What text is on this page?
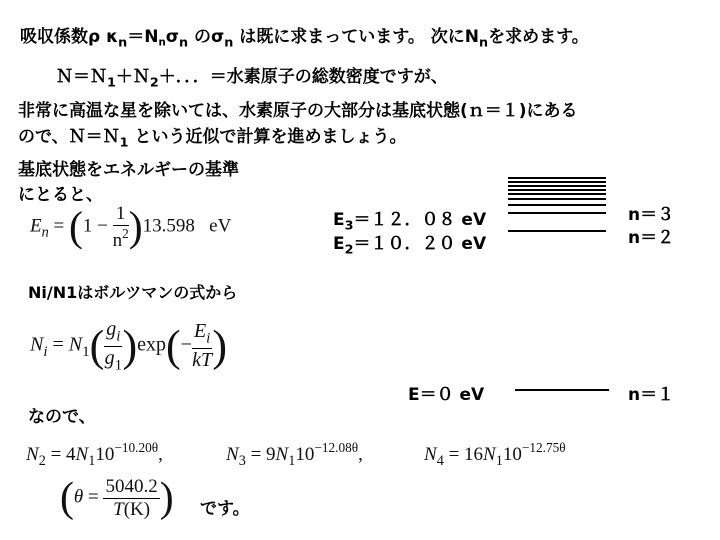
吸収係数ρ $\kappa_n=N_n\sigma_n$ の$\sigma_n$ は既に求まっています。 次に$N_n$を求めます。
Ｎ＝Ｎ$_1$＋Ｎ$_2$＋．．．＝水素原子の総数密度ですが、
非常に高温な星を除いては、水素原子の大部分は基底状態(ｎ＝１)にある
ので、Ｎ＝Ｎ$_1$ という近似で計算を進めましょう。
基底状態をエネルギーの基準
にとると、
$E_n = (1 - \frac{1}{n^2} )13.598$ eV	$E_3=12$．０８ eV
$E_2=10$．２０ eV
n＝３
n＝２
Ni/N1はボルツマンの式から
$N_i = N_1( \frac{g_i}{g_1} )\exp(- \frac{E_i}{kT}$ )
E＝０ eV	n＝１
なので、
$N_2 = 4N_110^{-10.20\theta}$,	$N_3 = 9N_110^{-12.08\theta}$,	$N_4 = 16N_110^{-12.75\theta}$
($\theta = \frac{5040.2}{T(K)}$ ) です。
